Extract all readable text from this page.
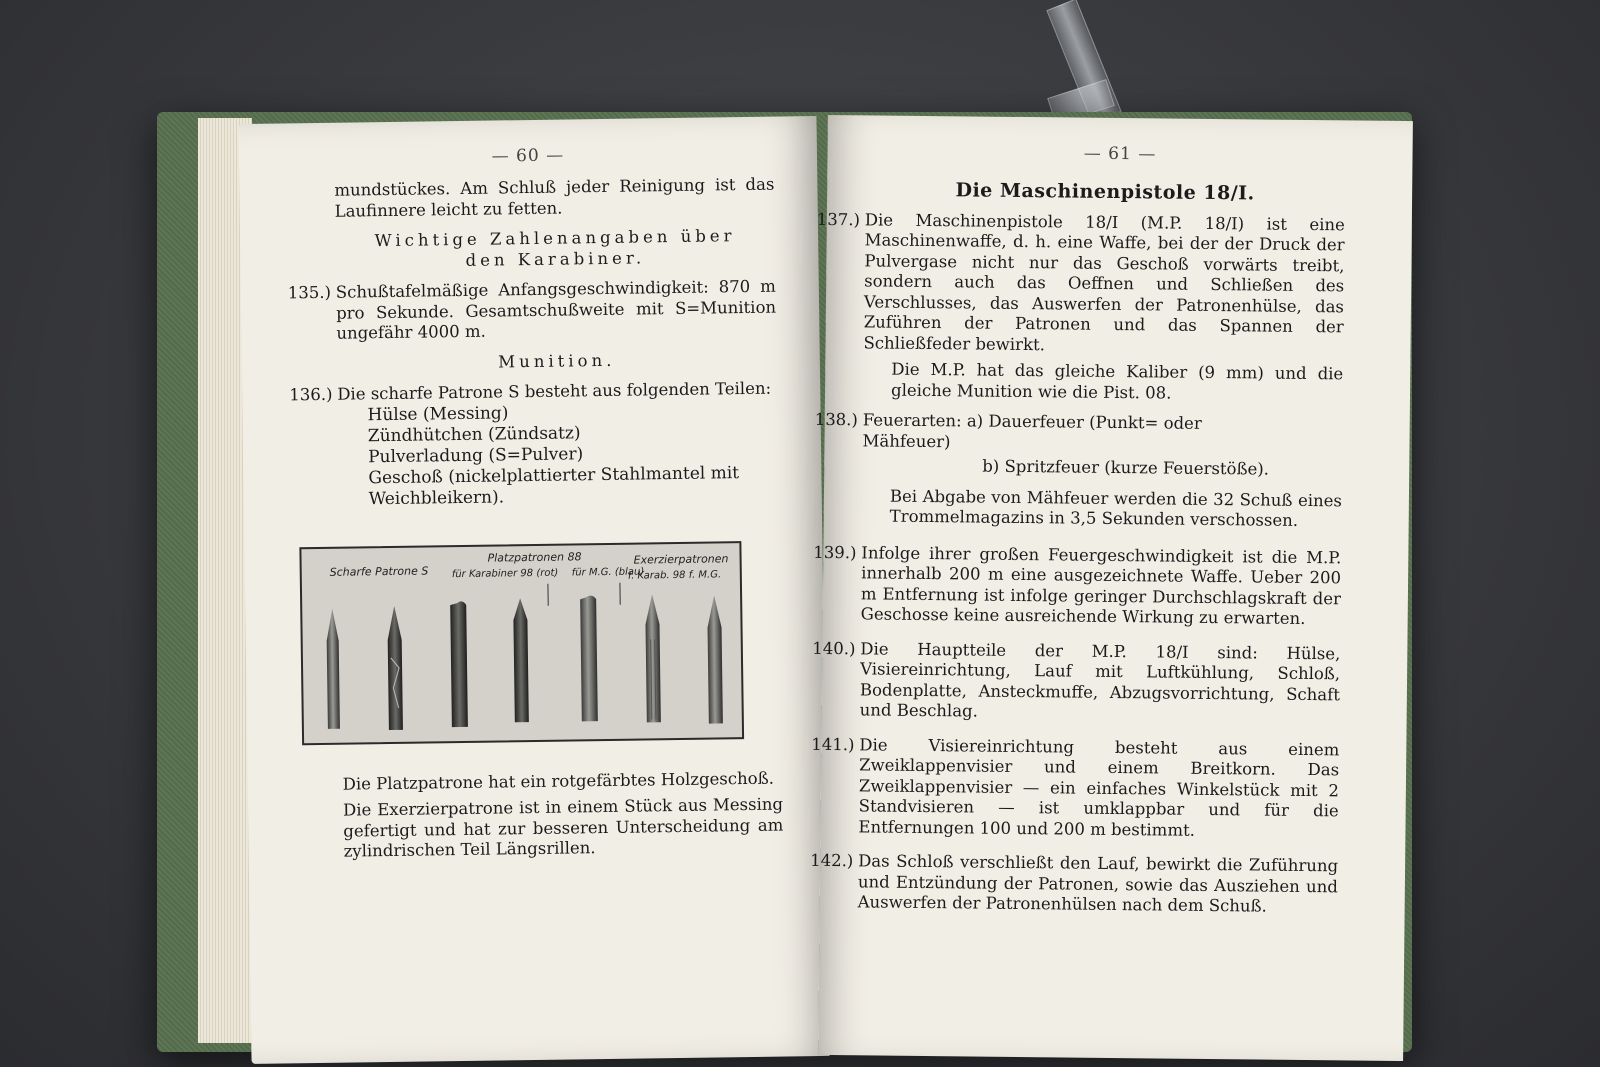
— 60 —
mundstückes. Am Schluß jeder Reinigung ist das Laufinnere leicht zu fetten.
Wichtige Zahlenangaben über den Karabiner.
135.) Schußtafelmäßige Anfangsgeschwindigkeit: 870 m pro Sekunde. Gesamtschußweite mit S=Munition ungefähr 4000 m.
Munition.
136.) Die scharfe Patrone S besteht aus folgenden Teilen:
Hülse (Messing)
Zündhütchen (Zündsatz)
Pulverladung (S=Pulver)
Geschoß (nickelplattierter Stahlmantel mit Weichbleikern).
Scharfe Patrone S
Platzpatronen 88
für Karabiner 98 (rot) für M.G. (blau)
Exerzierpatronen
f. Karab. 98 f. M.G.
Die Platzpatrone hat ein rotgefärbtes Holzgeschoß.
Die Exerzierpatrone ist in einem Stück aus Messing gefertigt und hat zur besseren Unterscheidung am zylindrischen Teil Längsrillen.
— 61 —
Die Maschinenpistole 18/I.
137.) Die Maschinenpistole 18/I (M.P. 18/I) ist eine Maschinenwaffe, d. h. eine Waffe, bei der der Druck der Pulvergase nicht nur das Geschoß vorwärts treibt, sondern auch das Oeffnen und Schließen des Verschlusses, das Auswerfen der Patronenhülse, das Zuführen der Patronen und das Spannen der Schließfeder bewirkt.
Die M.P. hat das gleiche Kaliber (9 mm) und die gleiche Munition wie die Pist. 08.
138.) Feuerarten: a) Dauerfeuer (Punkt= oder Mähfeuer)
b) Spritzfeuer (kurze Feuerstöße).
Bei Abgabe von Mähfeuer werden die 32 Schuß eines Trommelmagazins in 3,5 Sekunden verschossen.
139.) Infolge ihrer großen Feuergeschwindigkeit ist die M.P. innerhalb 200 m eine ausgezeichnete Waffe. Ueber 200 m Entfernung ist infolge geringer Durchschlagskraft der Geschosse keine ausreichende Wirkung zu erwarten.
140.) Die Hauptteile der M.P. 18/I sind: Hülse, Visiereinrichtung, Lauf mit Luftkühlung, Schloß, Bodenplatte, Ansteckmuffe, Abzugsvorrichtung, Schaft und Beschlag.
141.) Die Visiereinrichtung besteht aus einem Zweiklappenvisier und einem Breitkorn. Das Zweiklappenvisier — ein einfaches Winkelstück mit 2 Standvisieren — ist umklappbar und für die Entfernungen 100 und 200 m bestimmt.
142.) Das Schloß verschließt den Lauf, bewirkt die Zuführung und Entzündung der Patronen, sowie das Ausziehen und Auswerfen der Patronenhülsen nach dem Schuß.
